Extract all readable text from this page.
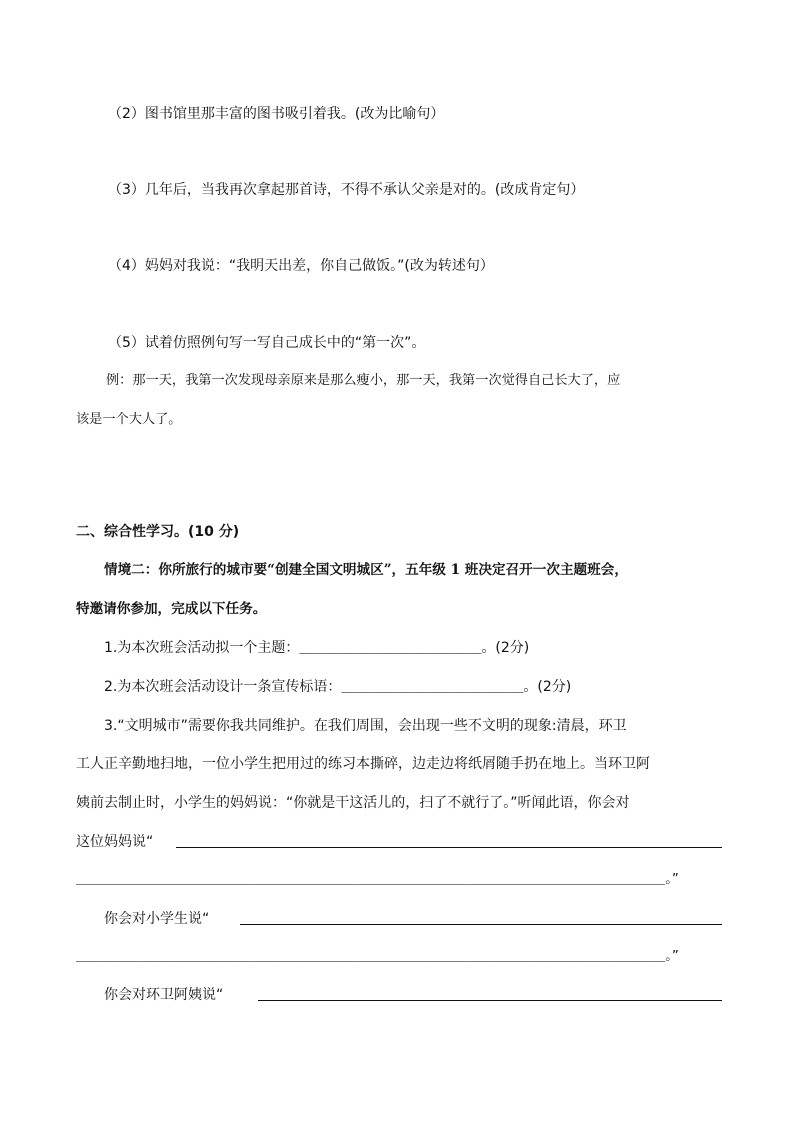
（2）图书馆里那丰富的图书吸引着我。(改为比喻句）
（3）几年后，当我再次拿起那首诗，不得不承认父亲是对的。(改成肯定句）
（4）妈妈对我说：“我明天出差，你自己做饭。”(改为转述句）
（5）试着仿照例句写一写自己成长中的“第一次”。
例：那一天，我第一次发现母亲原来是那么瘦小，那一天，我第一次觉得自己长大了，应
该是一个大人了。
二、综合性学习。(10 分)
情境二：你所旅行的城市要“创建全国文明城区”，五年级 1 班决定召开一次主题班会，
特邀请你参加，完成以下任务。
1.为本次班会活动拟一个主题：＿＿＿＿＿＿＿＿＿＿＿＿＿。(2分)
2.为本次班会活动设计一条宣传标语：＿＿＿＿＿＿＿＿＿＿＿＿＿。(2分)
3.“文明城市”需要你我共同维护。在我们周围，会出现一些不文明的现象:清晨，环卫
工人正辛勤地扫地，一位小学生把用过的练习本撕碎，边走边将纸屑随手扔在地上。当环卫阿
姨前去制止时，小学生的妈妈说：“你就是干这活儿的，扫了不就行了。”听闻此语，你会对
这位妈妈说“
＿＿＿＿＿＿＿＿＿＿＿＿＿＿＿＿＿＿＿＿＿＿＿＿＿＿＿＿＿＿＿＿＿＿＿＿＿＿＿＿＿＿＿＿。”
你会对小学生说“
＿＿＿＿＿＿＿＿＿＿＿＿＿＿＿＿＿＿＿＿＿＿＿＿＿＿＿＿＿＿＿＿＿＿＿＿＿＿＿＿＿＿＿＿。”
你会对环卫阿姨说“
